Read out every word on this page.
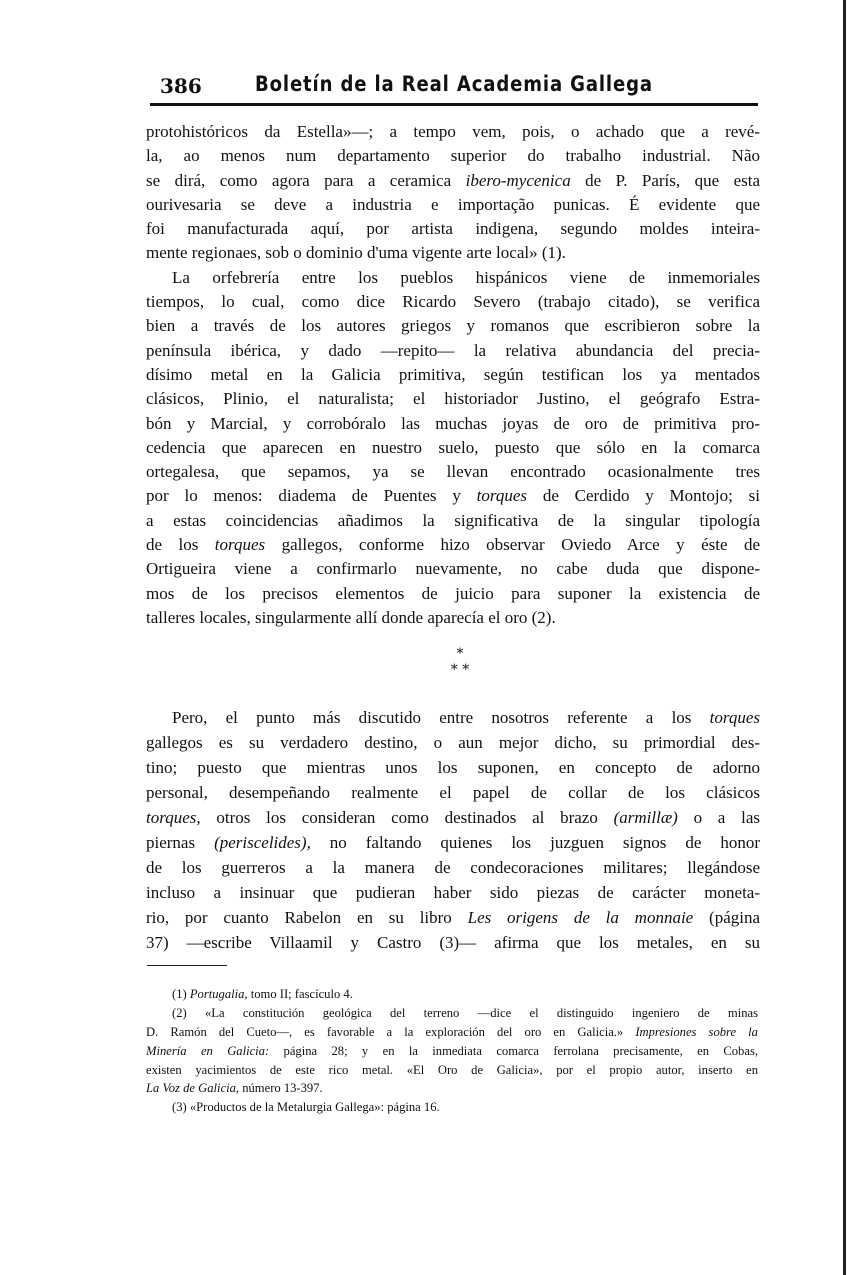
386	Boletín de la Real Academia Gallega
protohistóricos da Estella»—; a tempo vem, pois, o achado que a revé-
la, ao menos num departamento superior do trabalho industrial. Não
se dirá, como agora para a ceramica ibero-mycenica de P. París, que esta
ourivesaria se deve a industria e importação punicas. É evidente que
foi manufacturada aquí, por artista indigena, segundo moldes inteira-
mente regionaes, sob o dominio d'uma vigente arte local» (1).
La orfebrería entre los pueblos hispánicos viene de inmemoriales
tiempos, lo cual, como dice Ricardo Severo (trabajo citado), se verifica
bien a través de los autores griegos y romanos que escribieron sobre la
península ibérica, y dado —repito— la relativa abundancia del precia-
dísimo metal en la Galicia primitiva, según testifican los ya mentados
clásicos, Plinio, el naturalista; el historiador Justino, el geógrafo Estra-
bón y Marcial, y corrobóralo las muchas joyas de oro de primitiva pro-
cedencia que aparecen en nuestro suelo, puesto que sólo en la comarca
ortegalesa, que sepamos, ya se llevan encontrado ocasionalmente tres
por lo menos: diadema de Puentes y torques de Cerdido y Montojo; si
a estas coincidencias añadimos la significativa de la singular tipología
de los torques gallegos, conforme hizo observar Oviedo Arce y éste de
Ortigueira viene a confirmarlo nuevamente, no cabe duda que dispone-
mos de los precisos elementos de juicio para suponer la existencia de
talleres locales, singularmente allí donde aparecía el oro (2).
Pero, el punto más discutido entre nosotros referente a los torques
gallegos es su verdadero destino, o aun mejor dicho, su primordial des-
tino; puesto que mientras unos los suponen, en concepto de adorno
personal, desempeñando realmente el papel de collar de los clásicos
torques, otros los consideran como destinados al brazo (armillæ) o a las
piernas (periscelides), no faltando quienes los juzguen signos de honor
de los guerreros a la manera de condecoraciones militares; llegándose
incluso a insinuar que pudieran haber sido piezas de carácter moneta-
rio, por cuanto Rabelon en su libro Les origens de la monnaie (página
37) —escribe Villaamil y Castro (3)— afirma que los metales, en su
*
* *
(1) Portugalia, tomo II; fascículo 4.
(2) «La constitución geológica del terreno —dice el distinguido ingeniero de minas
D. Ramón del Cueto—, es favorable a la exploración del oro en Galicia.» Impresiones sobre la
Minería en Galicia: página 28; y en la inmediata comarca ferrolana precisamente, en Cobas,
existen yacimientos de este rico metal. «El Oro de Galicia», por el propio autor, inserto en
La Voz de Galicia, número 13-397.
(3) «Productos de la Metalurgia Gallega»: página 16.
